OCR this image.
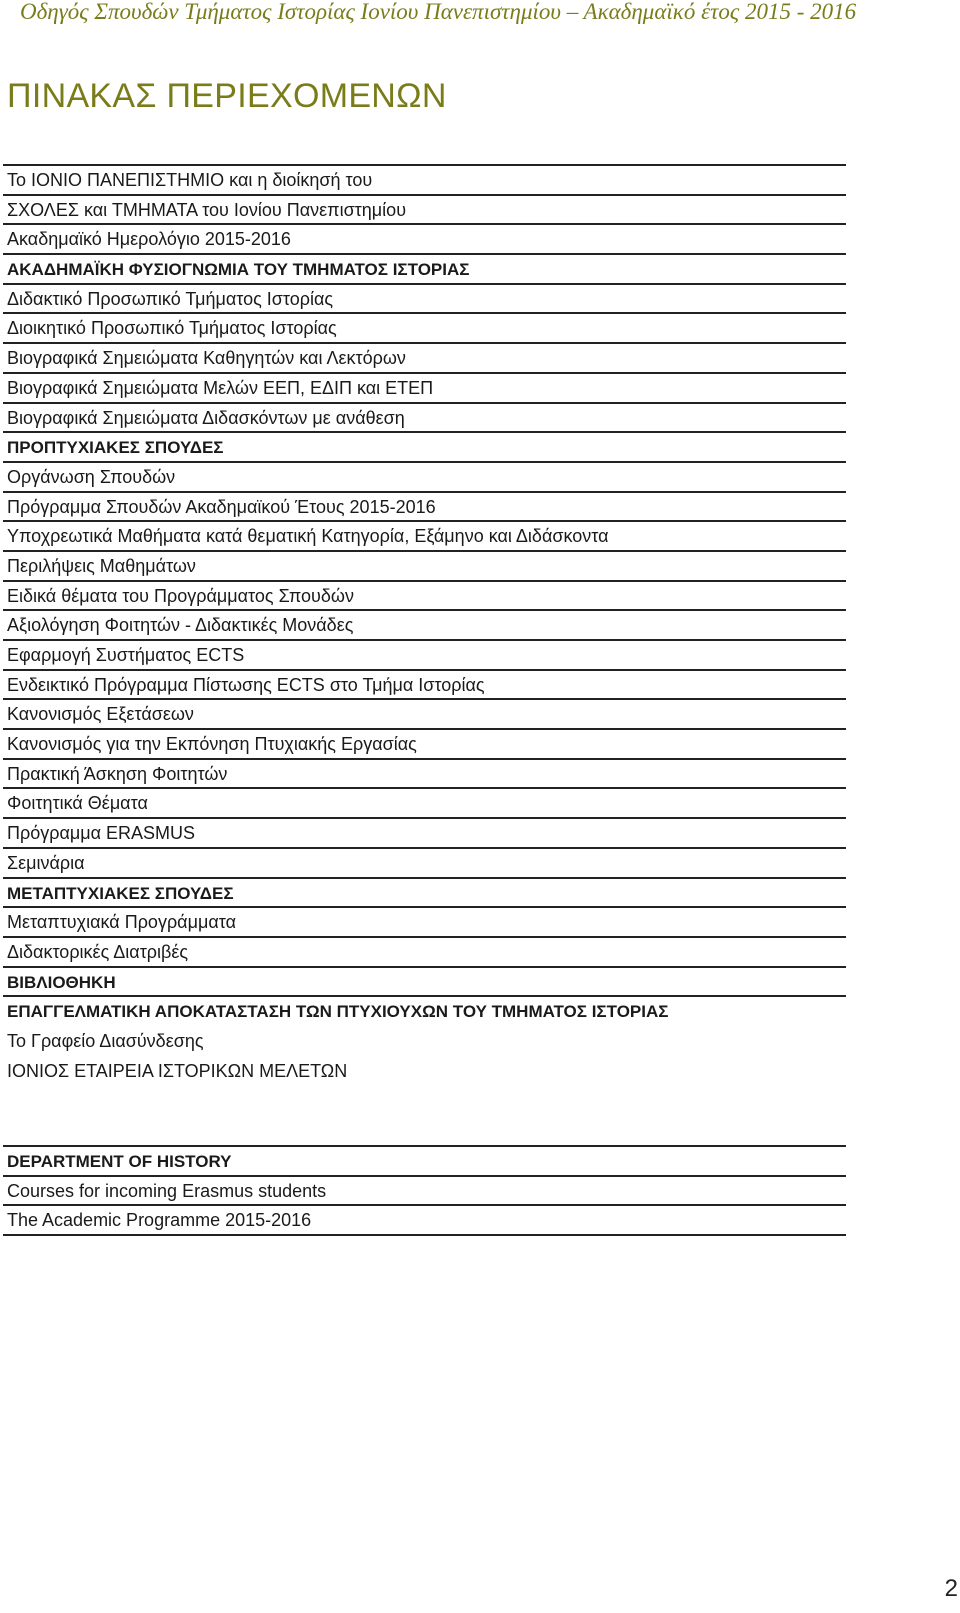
Οδηγός Σπουδών Τμήματος Ιστορίας Ιονίου Πανεπιστημίου – Ακαδημαϊκό έτος 2015 - 2016
ΠΙΝΑΚΑΣ ΠΕΡΙΕΧΟΜΕΝΩΝ
Το ΙΟΝΙΟ ΠΑΝΕΠΙΣΤΗΜΙΟ και η διοίκησή του
ΣΧΟΛΕΣ και ΤΜΗΜΑΤΑ του Ιονίου Πανεπιστημίου
Ακαδημαϊκό Ημερολόγιο 2015-2016
ΑΚΑΔΗΜΑΪΚΗ ΦΥΣΙΟΓΝΩΜΙΑ ΤΟΥ ΤΜΗΜΑΤΟΣ ΙΣΤΟΡΙΑΣ
Διδακτικό Προσωπικό Τμήματος Ιστορίας
Διοικητικό Προσωπικό Τμήματος Ιστορίας
Βιογραφικά Σημειώματα Καθηγητών και Λεκτόρων
Βιογραφικά Σημειώματα Μελών ΕΕΠ, ΕΔΙΠ και ΕΤΕΠ
Βιογραφικά Σημειώματα Διδασκόντων με ανάθεση
ΠΡΟΠΤΥΧΙΑΚΕΣ ΣΠΟΥΔΕΣ
Οργάνωση Σπουδών
Πρόγραμμα Σπουδών Ακαδημαϊκού Έτους 2015-2016
Υποχρεωτικά Μαθήματα κατά θεματική Κατηγορία, Εξάμηνο και Διδάσκοντα
Περιλήψεις Μαθημάτων
Ειδικά θέματα του Προγράμματος Σπουδών
Αξιολόγηση Φοιτητών - Διδακτικές Μονάδες
Εφαρμογή Συστήματος ECTS
Ενδεικτικό Πρόγραμμα Πίστωσης ECTS στο Τμήμα Ιστορίας
Κανονισμός Εξετάσεων
Κανονισμός για την Εκπόνηση Πτυχιακής Εργασίας
Πρακτική Άσκηση Φοιτητών
Φοιτητικά Θέματα
Πρόγραμμα ERASMUS
Σεμινάρια
ΜΕΤΑΠΤΥΧΙΑΚΕΣ ΣΠΟΥΔΕΣ
Μεταπτυχιακά Προγράμματα
Διδακτορικές Διατριβές
ΒΙΒΛΙΟΘΗΚΗ
ΕΠΑΓΓΕΛΜΑΤΙΚΗ ΑΠΟΚΑΤΑΣΤΑΣΗ ΤΩΝ ΠΤΥΧΙΟΥΧΩΝ ΤΟΥ ΤΜΗΜΑΤΟΣ ΙΣΤΟΡΙΑΣ
Το Γραφείο Διασύνδεσης
ΙΟΝΙΟΣ ΕΤΑΙΡΕΙΑ ΙΣΤΟΡΙΚΩΝ ΜΕΛΕΤΩΝ
DEPARTMENT OF HISTORY
Courses for incoming Erasmus students
The Academic Programme 2015-2016
2
